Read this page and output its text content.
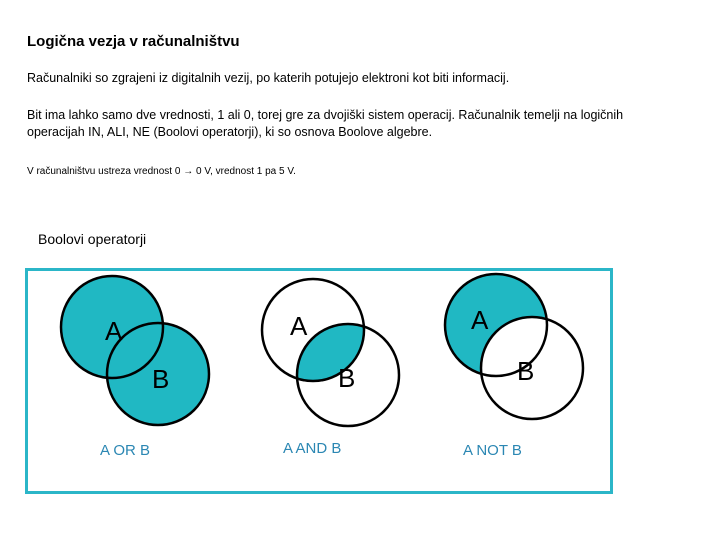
Logična vezja v računalništvu
Računalniki so zgrajeni iz digitalnih vezij, po katerih potujejo elektroni kot biti informacij.
Bit ima lahko samo dve vrednosti, 1 ali 0, torej gre za dvojiški sistem operacij. Računalnik temelji na logičnih operacijah IN, ALI, NE (Boolovi operatorji), ki so osnova Boolove algebre.
V računalništvu ustreza vrednost 0 → 0 V, vrednost 1 pa 5 V.
Boolovi operatorji
A
B
A
B
A
B
A OR B	A AND B	A NOT B
